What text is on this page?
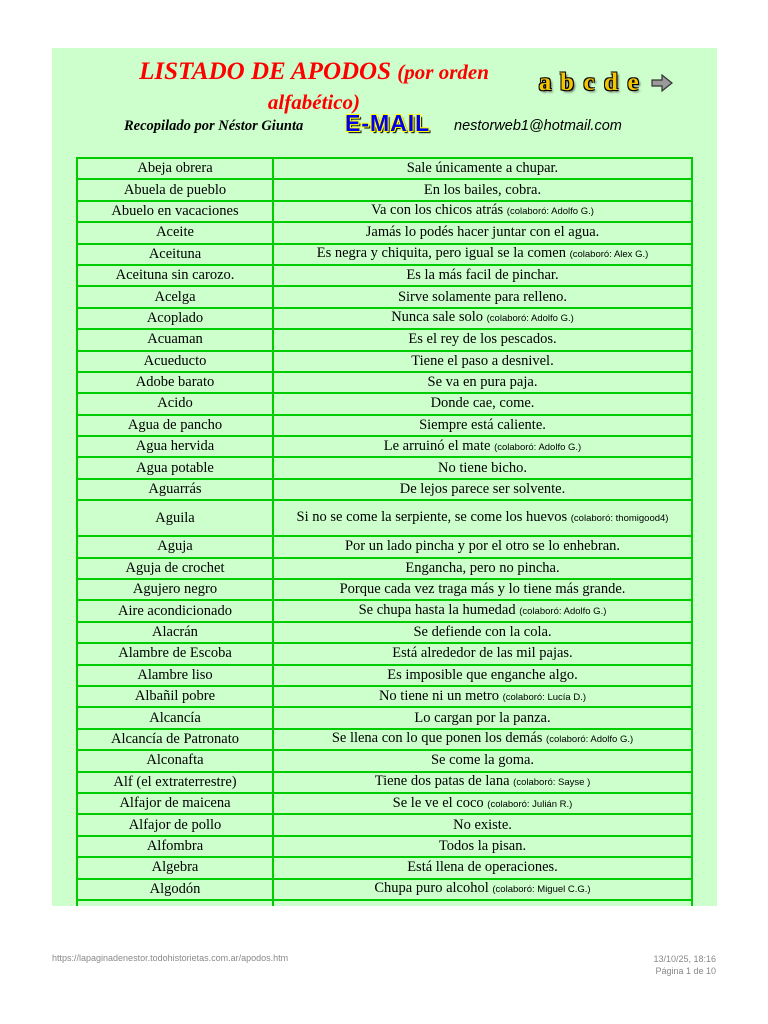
LISTADO DE APODOS (por orden
alfabético)
a b c d e
Recopilado por Néstor Giunta E-MAIL nestorweb1@hotmail.com
Abeja obrera	Sale únicamente a chupar.
Abuela de pueblo	En los bailes, cobra.
Abuelo en vacaciones	Va con los chicos atrás (colaboró: Adolfo G.)
Aceite	Jamás lo podés hacer juntar con el agua.
Aceituna	Es negra y chiquita, pero igual se la comen (colaboró: Alex G.)
Aceituna sin carozo.	Es la más facil de pinchar.
Acelga	Sirve solamente para relleno.
Acoplado	Nunca sale solo (colaboró: Adolfo G.)
Acuaman	Es el rey de los pescados.
Acueducto	Tiene el paso a desnivel.
Adobe barato	Se va en pura paja.
Acido	Donde cae, come.
Agua de pancho	Siempre está caliente.
Agua hervida	Le arruinó el mate (colaboró: Adolfo G.)
Agua potable	No tiene bicho.
Aguarrás	De lejos parece ser solvente.
Aguila	Si no se come la serpiente, se come los huevos (colaboró: thomigood4)
Aguja	Por un lado pincha y por el otro se lo enhebran.
Aguja de crochet	Engancha, pero no pincha.
Agujero negro	Porque cada vez traga más y lo tiene más grande.
Aire acondicionado	Se chupa hasta la humedad (colaboró: Adolfo G.)
Alacrán	Se defiende con la cola.
Alambre de Escoba	Está alrededor de las mil pajas.
Alambre liso	Es imposible que enganche algo.
Albañil pobre	No tiene ni un metro (colaboró: Lucía D.)
Alcancía	Lo cargan por la panza.
Alcancía de Patronato	Se llena con lo que ponen los demás (colaboró: Adolfo G.)
Alconafta	Se come la goma.
Alf (el extraterrestre)	Tiene dos patas de lana (colaboró: Sayse )
Alfajor de maicena	Se le ve el coco (colaboró: Julián R.)
Alfajor de pollo	No existe.
Alfombra	Todos la pisan.
Algebra	Está llena de operaciones.
Algodón	Chupa puro alcohol (colaboró: Miguel C.G.)

https://lapaginadenestor.todohistorietas.com.ar/apodos.htm	13/10/25, 18:16
Página 1 de 10
